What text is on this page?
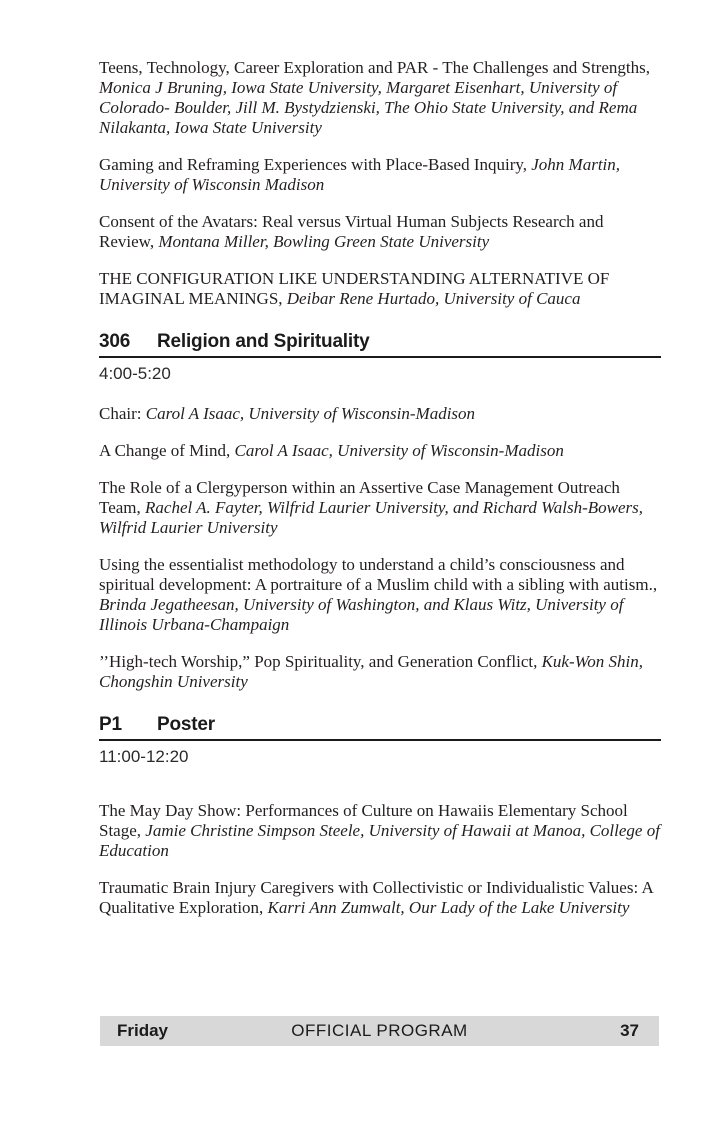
Teens, Technology, Career Exploration and PAR - The Challenges and Strengths, Monica J Bruning, Iowa State University, Margaret Eisenhart, University of Colorado- Boulder, Jill M. Bystydzienski, The Ohio State University, and Rema Nilakanta, Iowa State University

Gaming and Reframing Experiences with Place-Based Inquiry, John Martin, University of Wisconsin Madison

Consent of the Avatars: Real versus Virtual Human Subjects Research and Review, Montana Miller, Bowling Green State University

THE CONFIGURATION LIKE UNDERSTANDING ALTERNATIVE OF IMAGINAL MEANINGS, Deibar Rene Hurtado, University of Cauca

306 Religion and Spirituality
4:00-5:20

Chair: Carol A Isaac, University of Wisconsin-Madison

A Change of Mind, Carol A Isaac, University of Wisconsin-Madison

The Role of a Clergyperson within an Assertive Case Management Outreach Team, Rachel A. Fayter, Wilfrid Laurier University, and Richard Walsh-Bowers, Wilfrid Laurier University

Using the essentialist methodology to understand a child’s consciousness and spiritual development: A portraiture of a Muslim child with a sibling with autism., Brinda Jegatheesan, University of Washington, and Klaus Witz, University of Illinois Urbana-Champaign

’’High-tech Worship,” Pop Spirituality, and Generation Conflict, Kuk-Won Shin, Chongshin University

P1 Poster
11:00-12:20

The May Day Show: Performances of Culture on Hawaiis Elementary School Stage, Jamie Christine Simpson Steele, University of Hawaii at Manoa, College of Education

Traumatic Brain Injury Caregivers with Collectivistic or Individualistic Values: A Qualitative Exploration, Karri Ann Zumwalt, Our Lady of the Lake University

Friday	OFFICIAL PROGRAM	37
